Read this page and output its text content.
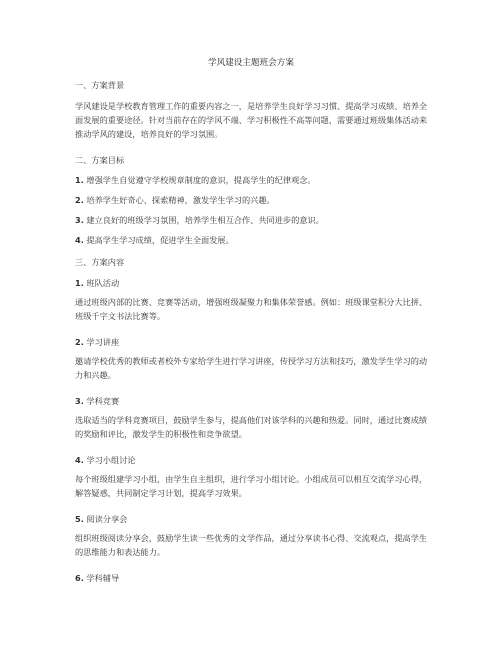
学风建设主题班会方案
一、方案背景
学风建设是学校教育管理工作的重要内容之一，是培养学生良好学习习惯、提高学习成绩、培养全面发展的重要途径。针对当前存在的学风不端、学习积极性不高等问题，需要通过班级集体活动来推动学风的建设，培养良好的学习氛围。
二、方案目标
1. 增强学生自觉遵守学校规章制度的意识，提高学生的纪律观念。
2. 培养学生好奇心、探索精神，激发学生学习的兴趣。
3. 建立良好的班级学习氛围，培养学生相互合作、共同进步的意识。
4. 提高学生学习成绩，促进学生全面发展。
三、方案内容
1. 班队活动
通过班级内部的比赛、竞赛等活动，增强班级凝聚力和集体荣誉感。例如：班级课堂积分大比拼、班级千字文书法比赛等。
2. 学习讲座
邀请学校优秀的教师或者校外专家给学生进行学习讲座，传授学习方法和技巧，激发学生学习的动力和兴趣。
3. 学科竞赛
选取适当的学科竞赛项目，鼓励学生参与，提高他们对该学科的兴趣和热爱。同时，通过比赛成绩的奖励和评比，激发学生的积极性和竞争欲望。
4. 学习小组讨论
每个班级组建学习小组，由学生自主组织，进行学习小组讨论。小组成员可以相互交流学习心得，解答疑惑，共同制定学习计划，提高学习效果。
5. 阅读分享会
组织班级阅读分享会，鼓励学生读一些优秀的文学作品，通过分享读书心得、交流观点，提高学生的思维能力和表达能力。
6. 学科辅导
